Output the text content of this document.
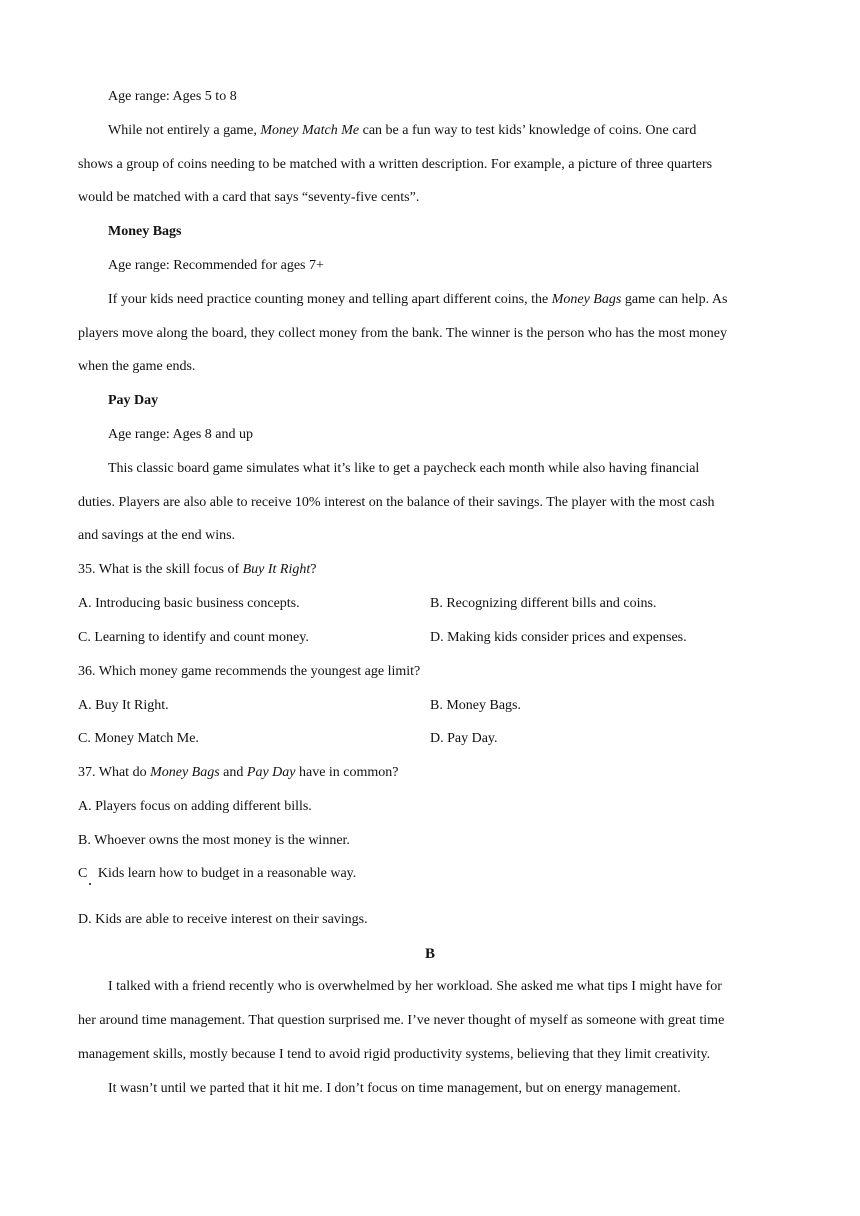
Age range: Ages 5 to 8
While not entirely a game, Money Match Me can be a fun way to test kids’ knowledge of coins. One card
shows a group of coins needing to be matched with a written description. For example, a picture of three quarters
would be matched with a card that says “seventy-five cents”.
Money Bags
Age range: Recommended for ages 7+
If your kids need practice counting money and telling apart different coins, the Money Bags game can help. As
players move along the board, they collect money from the bank. The winner is the person who has the most money
when the game ends.
Pay Day
Age range: Ages 8 and up
This classic board game simulates what it’s like to get a paycheck each month while also having financial
duties. Players are also able to receive 10% interest on the balance of their savings. The player with the most cash
and savings at the end wins.
35. What is the skill focus of Buy It Right?
A. Introducing basic business concepts.	B. Recognizing different bills and coins.
C. Learning to identify and count money.	D. Making kids consider prices and expenses.
36. Which money game recommends the youngest age limit?
A. Buy It Right.	B. Money Bags.
C. Money Match Me.	D. Pay Day.
37. What do Money Bags and Pay Day have in common?
A. Players focus on adding different bills.
B. Whoever owns the most money is the winner.
C   Kids learn how to budget in a reasonable way.
D. Kids are able to receive interest on their savings.
B
I talked with a friend recently who is overwhelmed by her workload. She asked me what tips I might have for
her around time management. That question surprised me. I’ve never thought of myself as someone with great time
management skills, mostly because I tend to avoid rigid productivity systems, believing that they limit creativity.
It wasn’t until we parted that it hit me. I don’t focus on time management, but on energy management.
